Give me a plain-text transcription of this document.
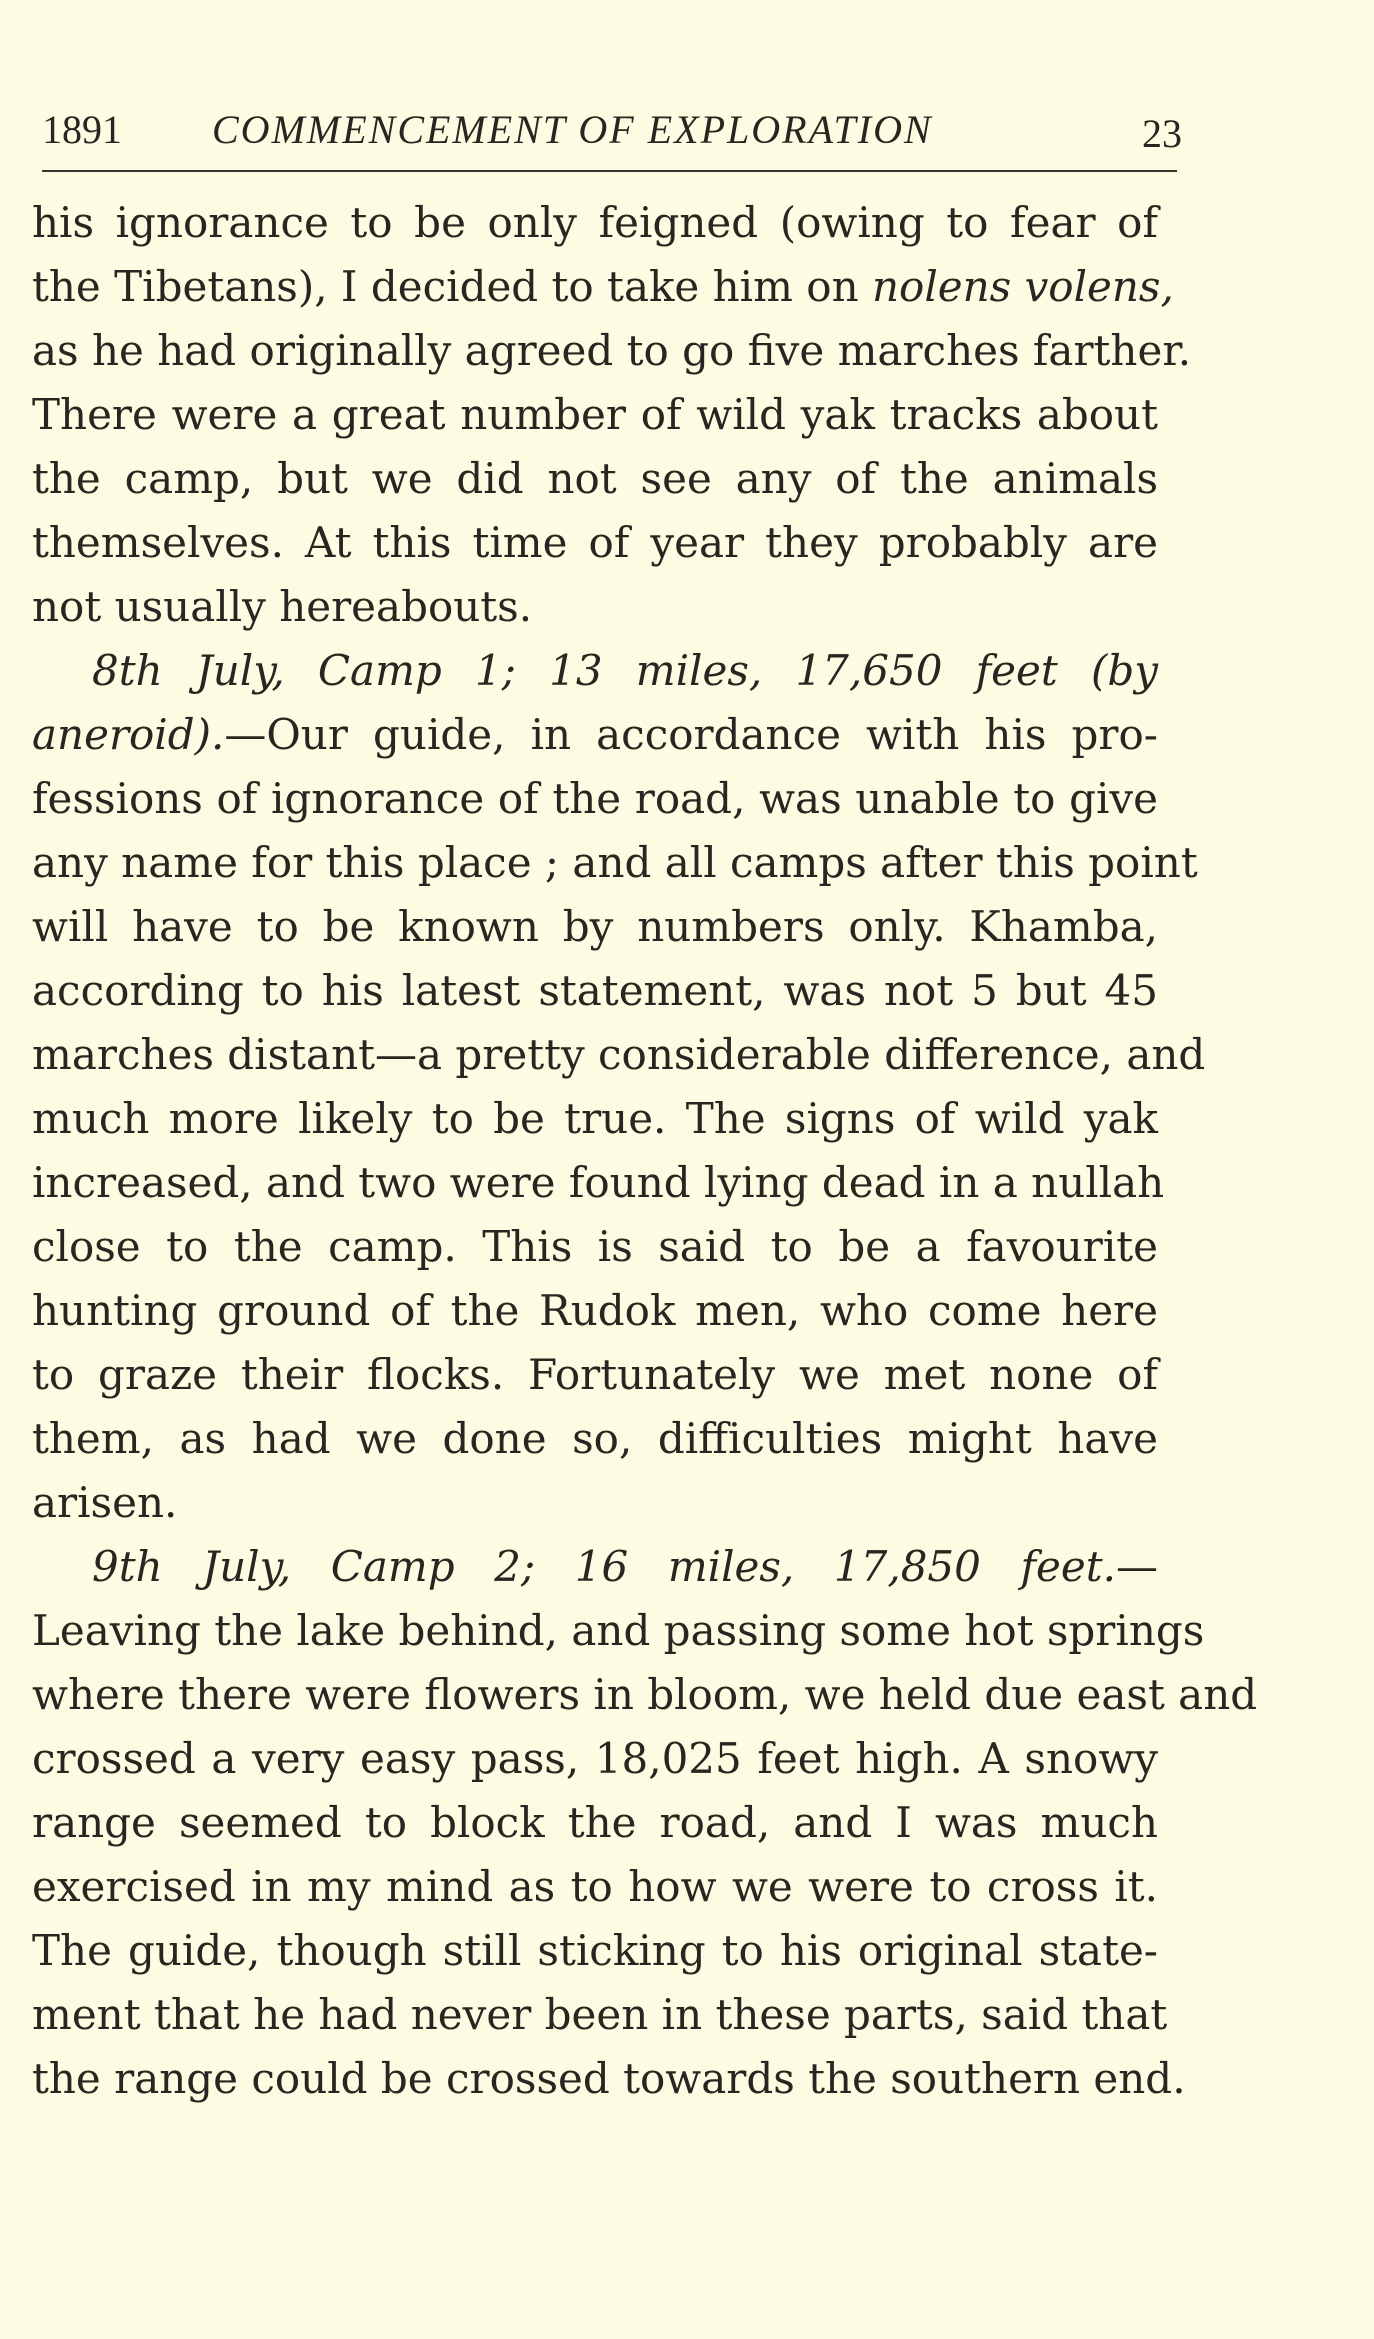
1891 COMMENCEMENT OF EXPLORATION	23
his ignorance to be only feigned (owing to fear of
the Tibetans), I decided to take him on nolens volens,
as he had originally agreed to go five marches farther.
There were a great number of wild yak tracks about
the camp, but we did not see any of the animals
themselves. At this time of year they probably are
not usually hereabouts.
8th July, Camp 1; 13 miles, 17,650 feet (by
aneroid).—Our guide, in accordance with his pro-
fessions of ignorance of the road, was unable to give
any name for this place ; and all camps after this point
will have to be known by numbers only. Khamba,
according to his latest statement, was not 5 but 45
marches distant—a pretty considerable difference, and
much more likely to be true. The signs of wild yak
increased, and two were found lying dead in a nullah
close to the camp. This is said to be a favourite
hunting ground of the Rudok men, who come here
to graze their flocks. Fortunately we met none of
them, as had we done so, difficulties might have
arisen.
9th July, Camp 2; 16 miles, 17,850 feet.—
Leaving the lake behind, and passing some hot springs
where there were flowers in bloom, we held due east and
crossed a very easy pass, 18,025 feet high. A snowy
range seemed to block the road, and I was much
exercised in my mind as to how we were to cross it.
The guide, though still sticking to his original state-
ment that he had never been in these parts, said that
the range could be crossed towards the southern end.
